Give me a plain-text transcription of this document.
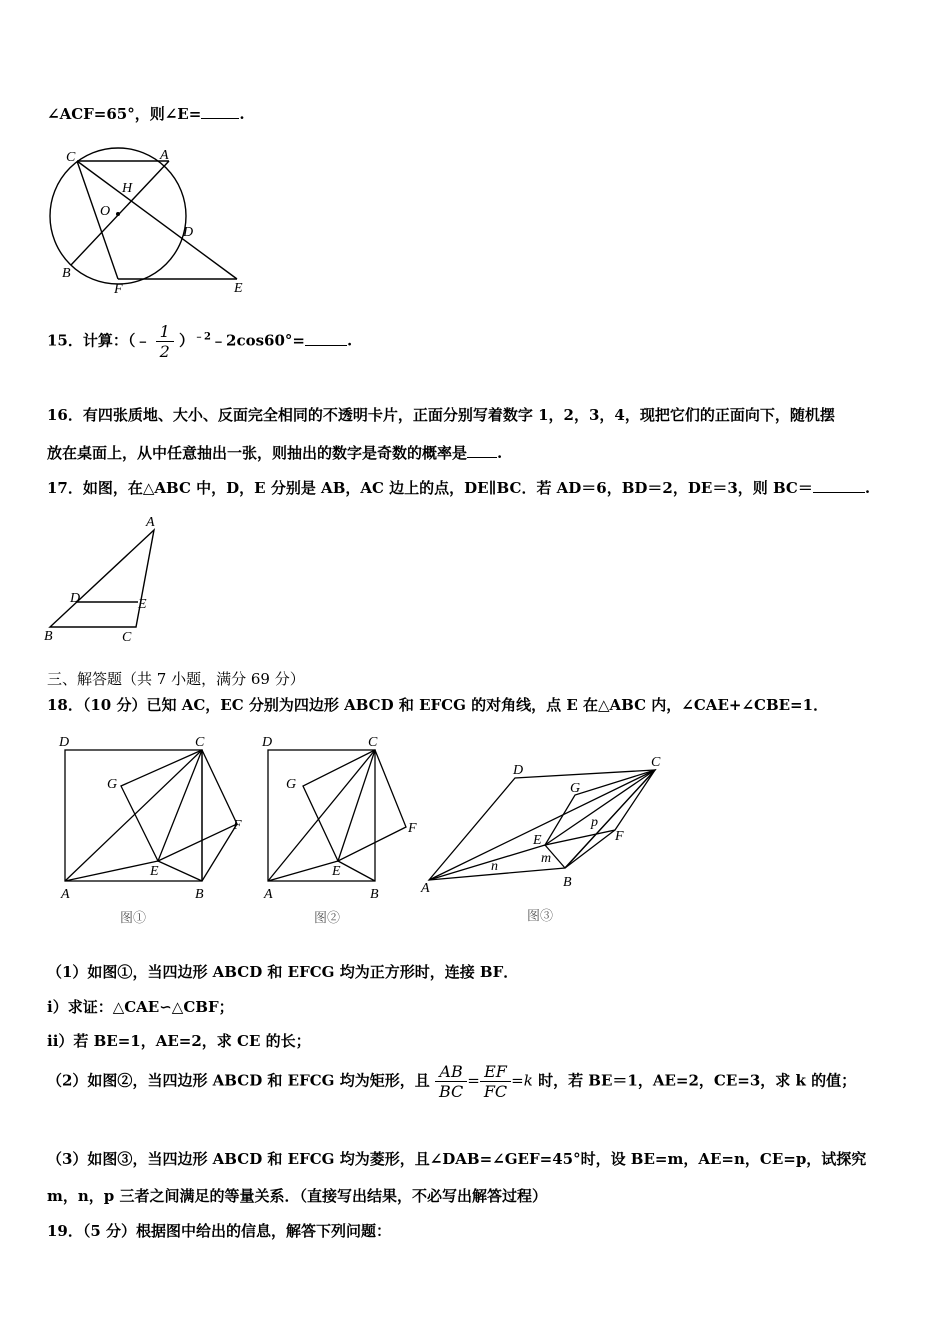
∠ACF=65°，则∠E=	.
C	A
H
O
D
B
F	E
15．计算：（﹣ $\frac{1}{2}$ ）$^{﹣2}$﹣2cos60°=	.
16．有四张质地、大小、反面完全相同的不透明卡片，正面分别写着数字 1，2，3，4，现把它们的正面向下，随机摆
放在桌面上，从中任意抽出一张，则抽出的数字是奇数的概率是 .
17．如图，在△ABC 中，D，E 分别是 AB，AC 边上的点，DE∥BC．若 AD＝6，BD＝2，DE＝3，则 BC＝	.
A
D	E
B	C
三、解答题（共 7 小题，满分 69 分）
18．（10 分）已知 AC，EC 分别为四边形 ABCD 和 EFCG 的对角线，点 E 在△ABC 内，∠CAE+∠CBE=1．
D	C
G
F
E
A	B
图①
D	C
G
F
E
A	B
图②
D
C
G
p
F
E
m
n
A	B
图③
（1）如图①，当四边形 ABCD 和 EFCG 均为正方形时，连接 BF．
i）求证：△CAE∽△CBF；
ii）若 BE=1，AE=2，求 CE 的长；
（2）如图②，当四边形 ABCD 和 EFCG 均为矩形，且 $\frac{AB}{BC} = \frac{EF}{FC} =k$ 时，若 BE＝1，AE=2，CE=3，求 k 的值；
（3）如图③，当四边形 ABCD 和 EFCG 均为菱形，且∠DAB=∠GEF=45°时，设 BE=m，AE=n，CE=p，试探究
m，n，p 三者之间满足的等量关系．（直接写出结果，不必写出解答过程）
19．（5 分）根据图中给出的信息，解答下列问题：
